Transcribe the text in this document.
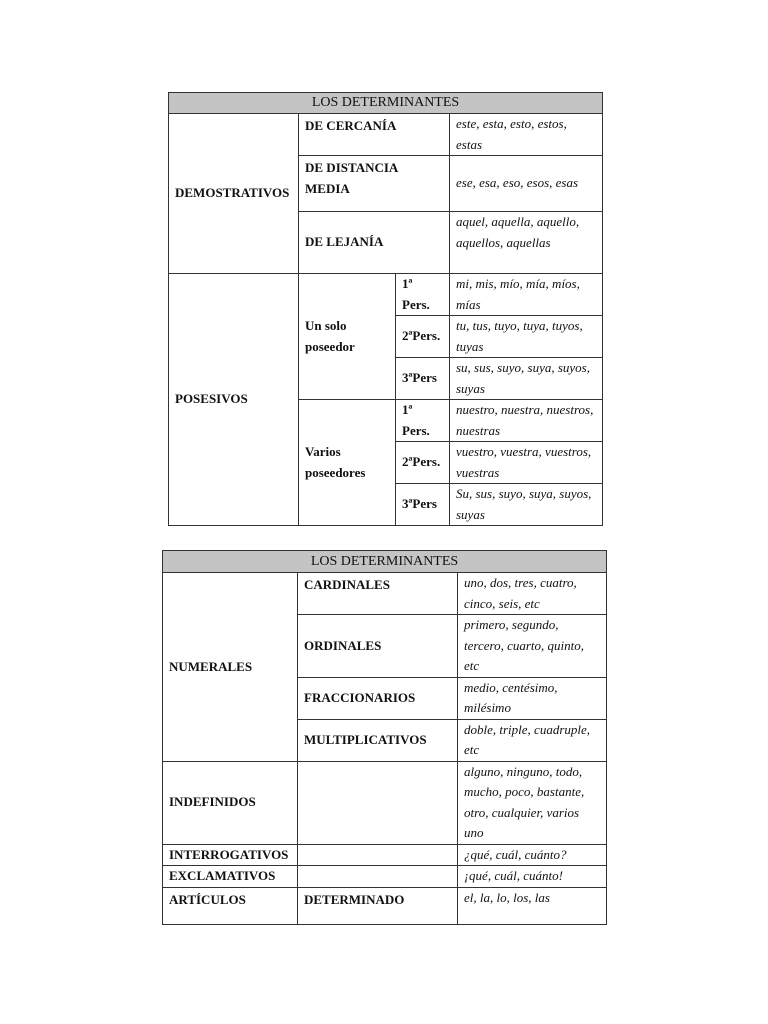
LOS DETERMINANTES			
DEMOSTRATIVOS	DE CERCANÍA		este, esta, esto, estos, estas
	DE DISTANCIA MEDIA		ese, esa, eso, esos, esas
	DE LEJANÍA		aquel, aquella, aquello, aquellos, aquellas
POSESIVOS	Un solo poseedor	1ª Pers.	mi, mis, mío, mía, míos, mías
		2ªPers.	tu, tus, tuyo, tuya, tuyos, tuyas
		3ªPers	su, sus, suyo, suya, suyos, suyas
	Varios poseedores	1ª Pers.	nuestro, nuestra, nuestros, nuestras
		2ªPers.	vuestro, vuestra, vuestros, vuestras
		3ªPers	Su, sus, suyo, suya, suyos, suyas
LOS DETERMINANTES		
NUMERALES	CARDINALES	uno, dos, tres, cuatro, cinco, seis, etc
	ORDINALES	primero, segundo, tercero, cuarto, quinto, etc
	FRACCIONARIOS	medio, centésimo, milésimo
	MULTIPLICATIVOS	doble, triple, cuadruple, etc
INDEFINIDOS		alguno, ninguno, todo, mucho, poco, bastante, otro, cualquier, varios uno
INTERROGATIVOS		¿qué, cuál, cuánto?
EXCLAMATIVOS		¡qué, cuál, cuánto!
ARTÍCULOS	DETERMINADO	el, la, lo, los, las
